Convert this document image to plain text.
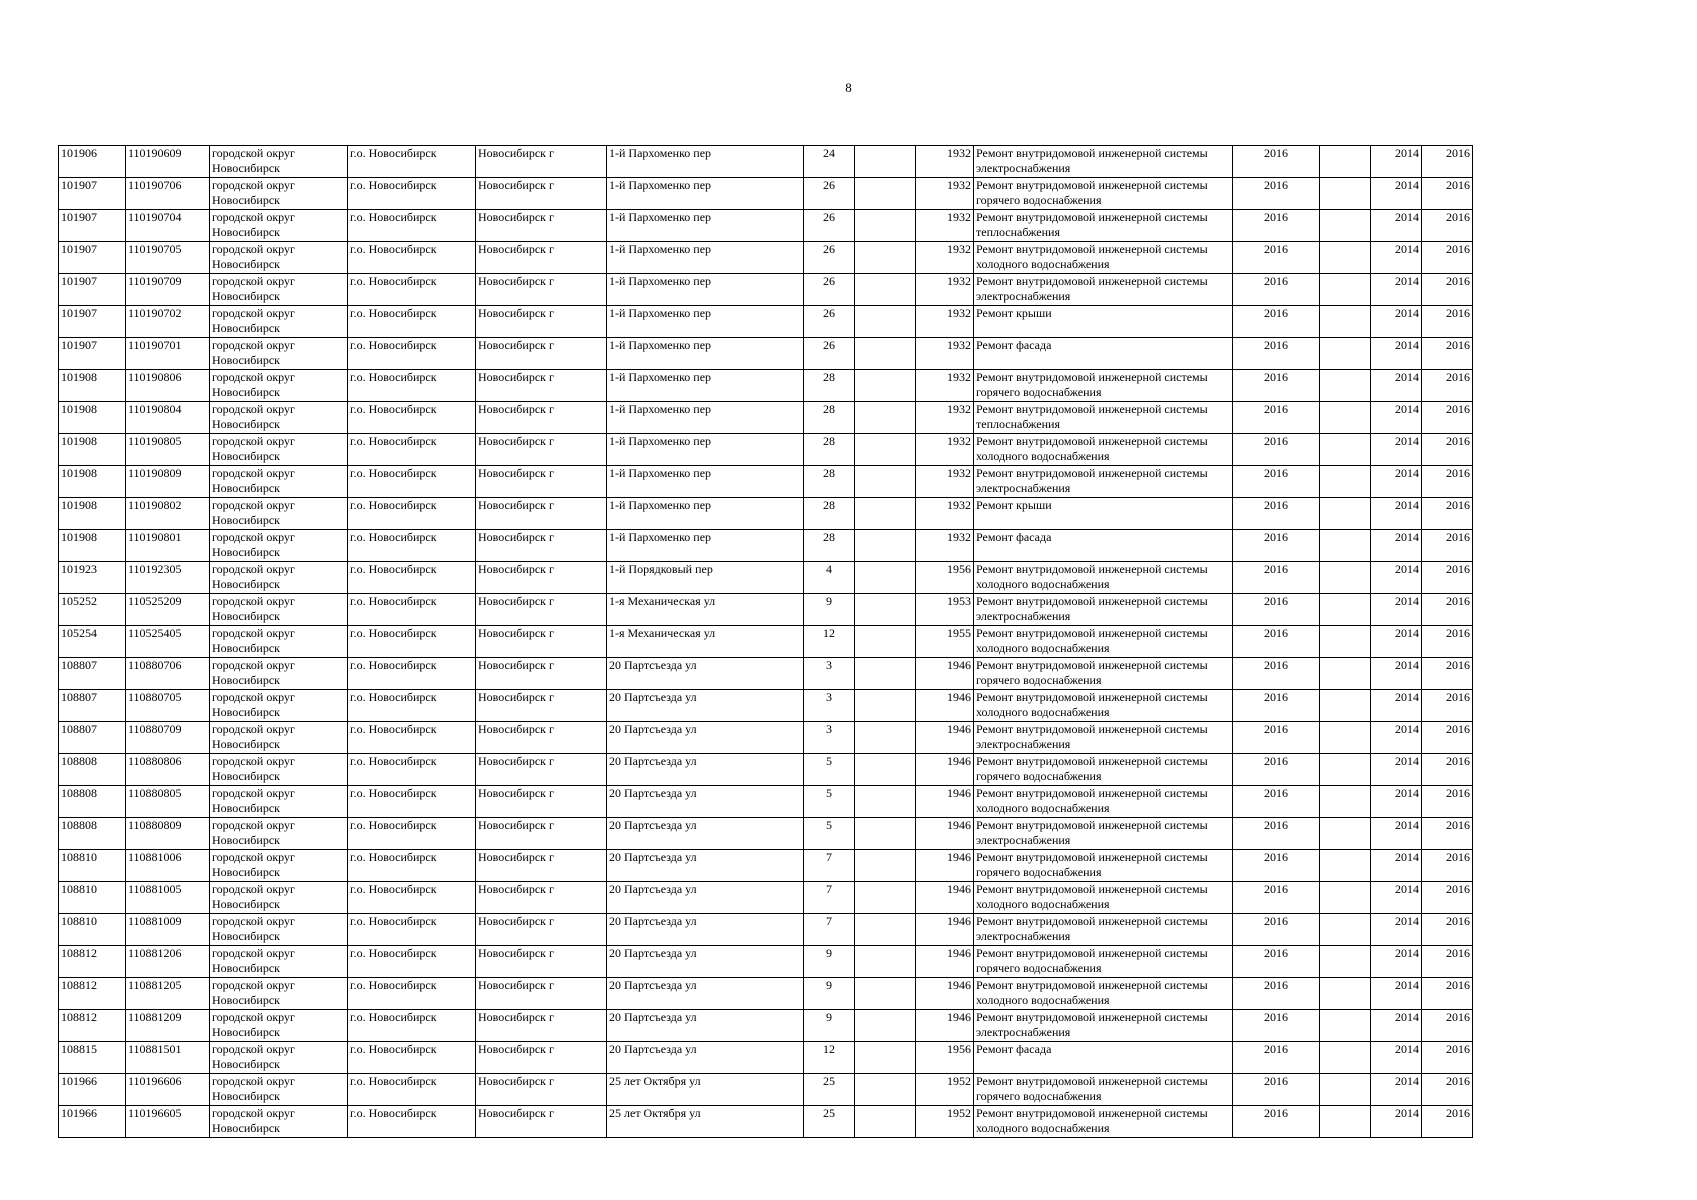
8
101906	110190609	городской округ Новосибирск	г.о. Новосибирск	Новосибирск г	1-й Пархоменко пер	24		1932	Ремонт внутридомовой инженерной системы электроснабжения	2016		2014	2016
101907	110190706	городской округ Новосибирск	г.о. Новосибирск	Новосибирск г	1-й Пархоменко пер	26		1932	Ремонт внутридомовой инженерной системы горячего водоснабжения	2016		2014	2016
101907	110190704	городской округ Новосибирск	г.о. Новосибирск	Новосибирск г	1-й Пархоменко пер	26		1932	Ремонт внутридомовой инженерной системы теплоснабжения	2016		2014	2016
101907	110190705	городской округ Новосибирск	г.о. Новосибирск	Новосибирск г	1-й Пархоменко пер	26		1932	Ремонт внутридомовой инженерной системы холодного водоснабжения	2016		2014	2016
101907	110190709	городской округ Новосибирск	г.о. Новосибирск	Новосибирск г	1-й Пархоменко пер	26		1932	Ремонт внутридомовой инженерной системы электроснабжения	2016		2014	2016
101907	110190702	городской округ Новосибирск	г.о. Новосибирск	Новосибирск г	1-й Пархоменко пер	26		1932	Ремонт крыши	2016		2014	2016
101907	110190701	городской округ Новосибирск	г.о. Новосибирск	Новосибирск г	1-й Пархоменко пер	26		1932	Ремонт фасада	2016		2014	2016
101908	110190806	городской округ Новосибирск	г.о. Новосибирск	Новосибирск г	1-й Пархоменко пер	28		1932	Ремонт внутридомовой инженерной системы горячего водоснабжения	2016		2014	2016
101908	110190804	городской округ Новосибирск	г.о. Новосибирск	Новосибирск г	1-й Пархоменко пер	28		1932	Ремонт внутридомовой инженерной системы теплоснабжения	2016		2014	2016
101908	110190805	городской округ Новосибирск	г.о. Новосибирск	Новосибирск г	1-й Пархоменко пер	28		1932	Ремонт внутридомовой инженерной системы холодного водоснабжения	2016		2014	2016
101908	110190809	городской округ Новосибирск	г.о. Новосибирск	Новосибирск г	1-й Пархоменко пер	28		1932	Ремонт внутридомовой инженерной системы электроснабжения	2016		2014	2016
101908	110190802	городской округ Новосибирск	г.о. Новосибирск	Новосибирск г	1-й Пархоменко пер	28		1932	Ремонт крыши	2016		2014	2016
101908	110190801	городской округ Новосибирск	г.о. Новосибирск	Новосибирск г	1-й Пархоменко пер	28		1932	Ремонт фасада	2016		2014	2016
101923	110192305	городской округ Новосибирск	г.о. Новосибирск	Новосибирск г	1-й Порядковый пер	4		1956	Ремонт внутридомовой инженерной системы холодного водоснабжения	2016		2014	2016
105252	110525209	городской округ Новосибирск	г.о. Новосибирск	Новосибирск г	1-я Механическая ул	9		1953	Ремонт внутридомовой инженерной системы электроснабжения	2016		2014	2016
105254	110525405	городской округ Новосибирск	г.о. Новосибирск	Новосибирск г	1-я Механическая ул	12		1955	Ремонт внутридомовой инженерной системы холодного водоснабжения	2016		2014	2016
108807	110880706	городской округ Новосибирск	г.о. Новосибирск	Новосибирск г	20 Партсъезда ул	3		1946	Ремонт внутридомовой инженерной системы горячего водоснабжения	2016		2014	2016
108807	110880705	городской округ Новосибирск	г.о. Новосибирск	Новосибирск г	20 Партсъезда ул	3		1946	Ремонт внутридомовой инженерной системы холодного водоснабжения	2016		2014	2016
108807	110880709	городской округ Новосибирск	г.о. Новосибирск	Новосибирск г	20 Партсъезда ул	3		1946	Ремонт внутридомовой инженерной системы электроснабжения	2016		2014	2016
108808	110880806	городской округ Новосибирск	г.о. Новосибирск	Новосибирск г	20 Партсъезда ул	5		1946	Ремонт внутридомовой инженерной системы горячего водоснабжения	2016		2014	2016
108808	110880805	городской округ Новосибирск	г.о. Новосибирск	Новосибирск г	20 Партсъезда ул	5		1946	Ремонт внутридомовой инженерной системы холодного водоснабжения	2016		2014	2016
108808	110880809	городской округ Новосибирск	г.о. Новосибирск	Новосибирск г	20 Партсъезда ул	5		1946	Ремонт внутридомовой инженерной системы электроснабжения	2016		2014	2016
108810	110881006	городской округ Новосибирск	г.о. Новосибирск	Новосибирск г	20 Партсъезда ул	7		1946	Ремонт внутридомовой инженерной системы горячего водоснабжения	2016		2014	2016
108810	110881005	городской округ Новосибирск	г.о. Новосибирск	Новосибирск г	20 Партсъезда ул	7		1946	Ремонт внутридомовой инженерной системы холодного водоснабжения	2016		2014	2016
108810	110881009	городской округ Новосибирск	г.о. Новосибирск	Новосибирск г	20 Партсъезда ул	7		1946	Ремонт внутридомовой инженерной системы электроснабжения	2016		2014	2016
108812	110881206	городской округ Новосибирск	г.о. Новосибирск	Новосибирск г	20 Партсъезда ул	9		1946	Ремонт внутридомовой инженерной системы горячего водоснабжения	2016		2014	2016
108812	110881205	городской округ Новосибирск	г.о. Новосибирск	Новосибирск г	20 Партсъезда ул	9		1946	Ремонт внутридомовой инженерной системы холодного водоснабжения	2016		2014	2016
108812	110881209	городской округ Новосибирск	г.о. Новосибирск	Новосибирск г	20 Партсъезда ул	9		1946	Ремонт внутридомовой инженерной системы электроснабжения	2016		2014	2016
108815	110881501	городской округ Новосибирск	г.о. Новосибирск	Новосибирск г	20 Партсъезда ул	12		1956	Ремонт фасада	2016		2014	2016
101966	110196606	городской округ Новосибирск	г.о. Новосибирск	Новосибирск г	25 лет Октября ул	25		1952	Ремонт внутридомовой инженерной системы горячего водоснабжения	2016		2014	2016
101966	110196605	городской округ Новосибирск	г.о. Новосибирск	Новосибирск г	25 лет Октября ул	25		1952	Ремонт внутридомовой инженерной системы холодного водоснабжения	2016		2014	2016
